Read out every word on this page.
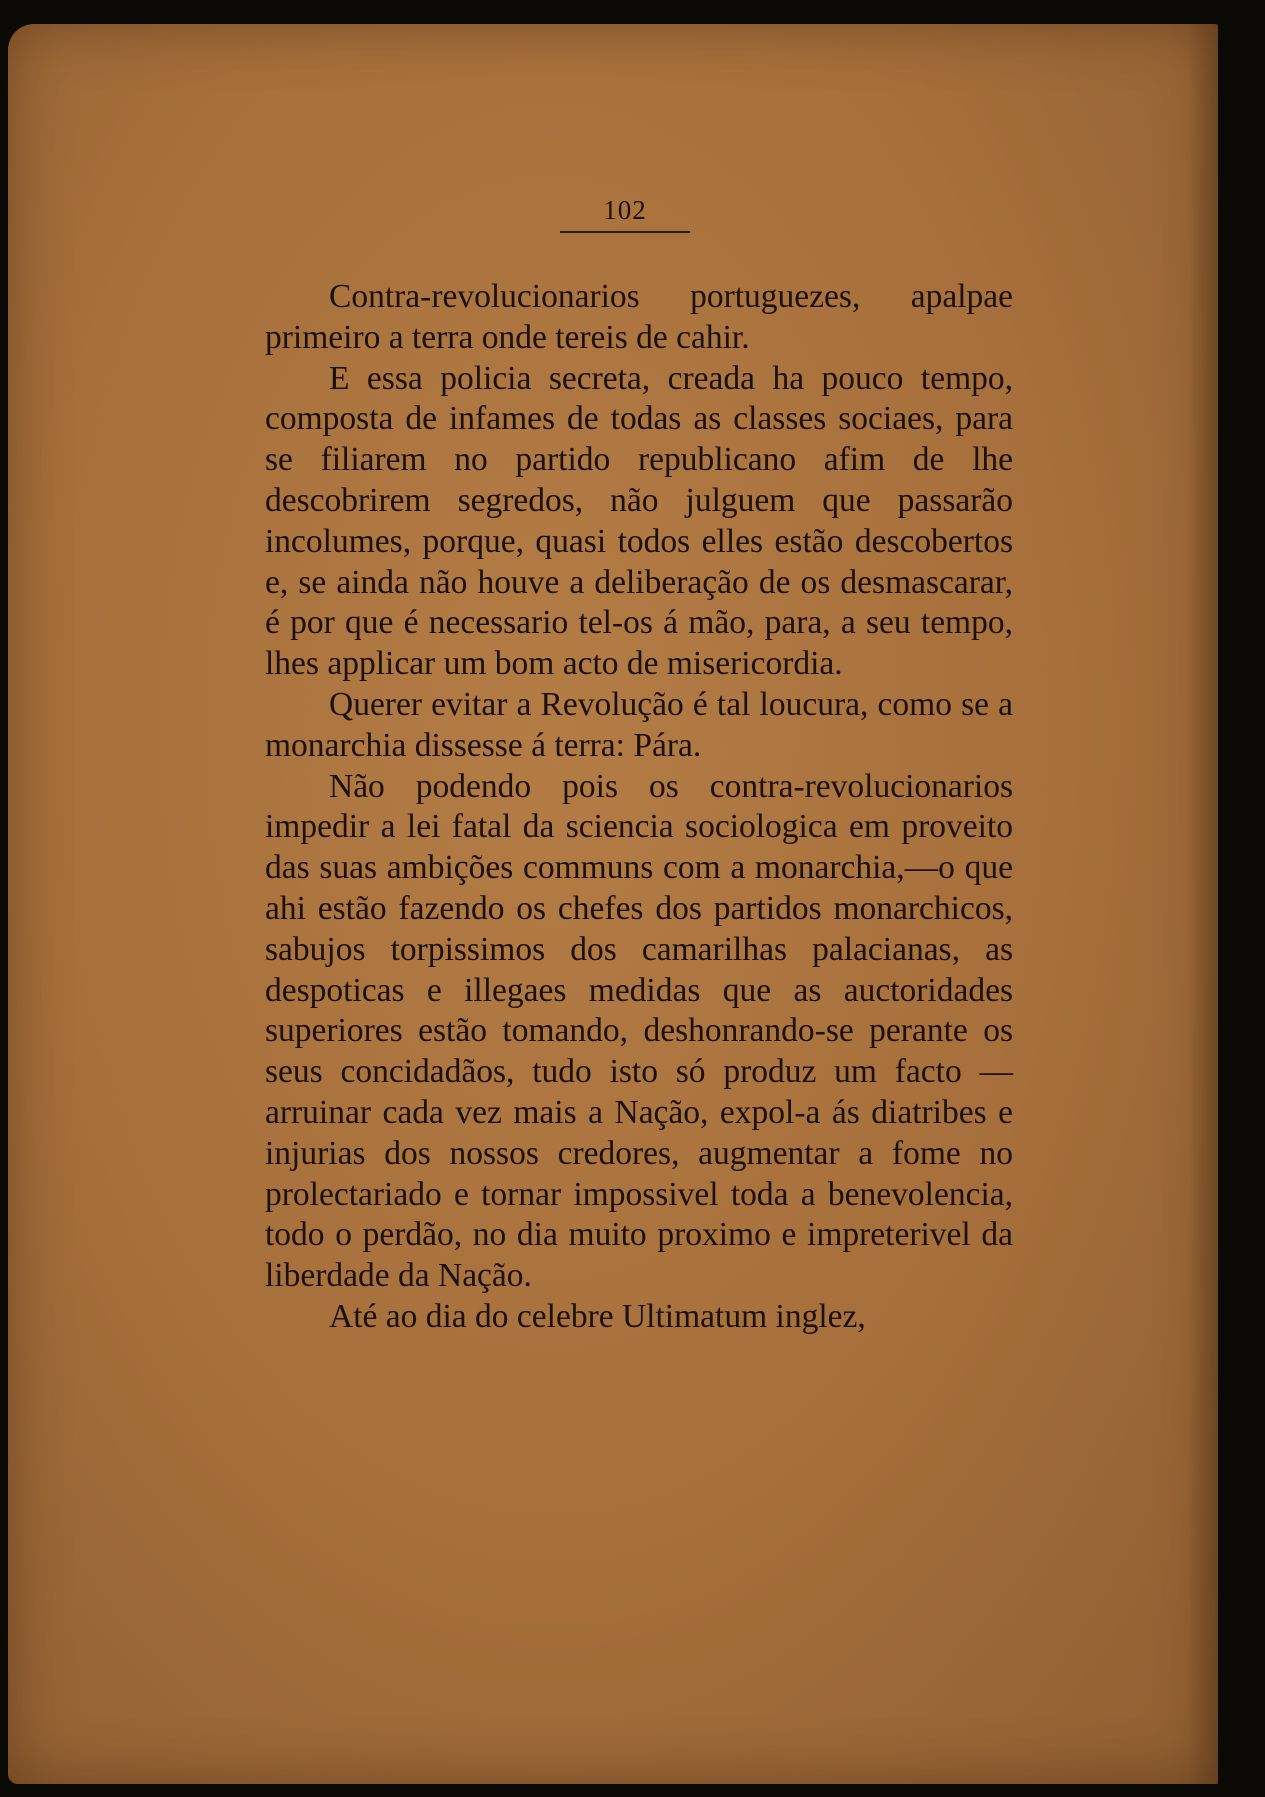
102

Contra-revolucionarios portuguezes, apalpae primeiro a terra onde tereis de cahir.

E essa policia secreta, creada ha pouco tempo, composta de infames de todas as classes sociaes, para se filiarem no partido republicano afim de lhe descobrirem segredos, não julguem que passarão incolumes, porque, quasi todos elles estão descobertos e, se ainda não houve a deliberação de os desmascarar, é por que é necessario tel-os á mão, para, a seu tempo, lhes applicar um bom acto de misericordia.

Querer evitar a Revolução é tal loucura, como se a monarchia dissesse á terra: Pára.

Não podendo pois os contra-revolucionarios impedir a lei fatal da sciencia sociologica em proveito das suas ambições communs com a monarchia,—o que ahi estão fazendo os chefes dos partidos monarchicos, sabujos torpissimos dos camarilhas palacianas, as despoticas e illegaes medidas que as auctoridades superiores estão tomando, deshonrando-se perante os seus concidadãos, tudo isto só produz um facto — arruinar cada vez mais a Nação, expol-a ás diatribes e injurias dos nossos credores, augmentar a fome no prolectariado e tornar impossivel toda a benevolencia, todo o perdão, no dia muito proximo e impreterivel da liberdade da Nação.

Até ao dia do celebre Ultimatum inglez,
